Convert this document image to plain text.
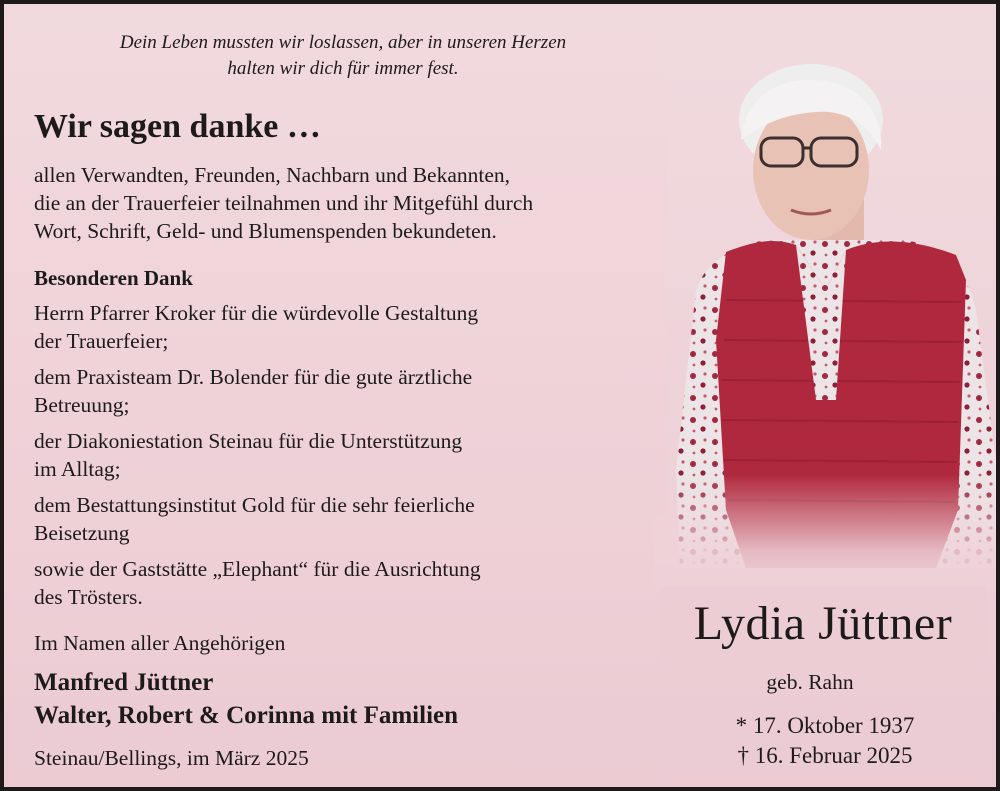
Dein Leben mussten wir loslassen, aber in unseren Herzen
halten wir dich für immer fest.
Wir sagen danke …
allen Verwandten, Freunden, Nachbarn und Bekannten,
die an der Trauerfeier teilnahmen und ihr Mitgefühl durch
Wort, Schrift, Geld- und Blumenspenden bekundeten.
Besonderen Dank
Herrn Pfarrer Kroker für die würdevolle Gestaltung
der Trauerfeier;
dem Praxisteam Dr. Bolender für die gute ärztliche
Betreuung;
der Diakoniestation Steinau für die Unterstützung
im Alltag;
dem Bestattungsinstitut Gold für die sehr feierliche
Beisetzung
sowie der Gaststätte „Elephant“ für die Ausrichtung
des Trösters.
Im Namen aller Angehörigen
Manfred Jüttner
Walter, Robert & Corinna mit Familien
Steinau/Bellings, im März 2025
Lydia Jüttner
geb. Rahn
* 17. Oktober 1937
† 16. Februar 2025
